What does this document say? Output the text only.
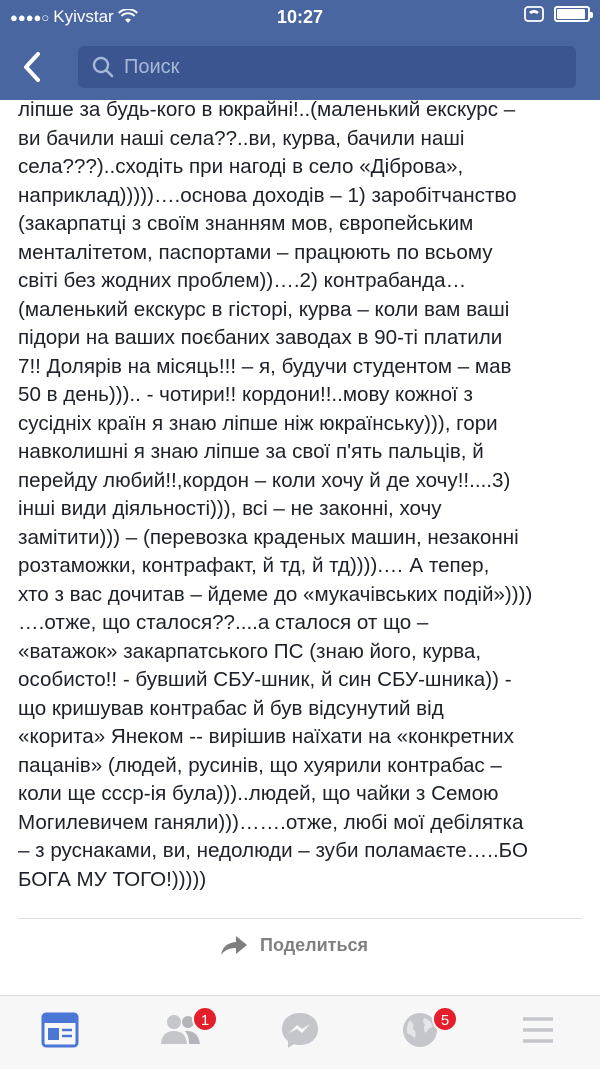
●●●●○ Kyivstar	10:27
Поиск
ліпше за будь-кого в юкрайні!..(маленький екскурс –
ви бачили наші села??..ви, курва, бачили наші
села???)..сходіть при нагоді в село «Діброва»,
наприклад)))))….основа доходів – 1) заробітчанство
(закарпатці з своїм знанням мов, європейським
менталітетом, паспортами – працюють по всьому
світі без жодних проблем))….2) контрабанда…
(маленький екскурс в гісторі, курва – коли вам ваші
підори на ваших поєбаних заводах в 90-ті платили
7!! Долярів на місяць!!! – я, будучи студентом – мав
50 в день))).. - чотири!! кордони!!..мову кожної з
сусідніх країн я знаю ліпше ніж юкраїнську))), гори
навколишні я знаю ліпше за свої п'ять пальців, й
перейду любий!!,кордон – коли хочу й де хочу!!....3)
інші види діяльності))), всі – не законні, хочу
замітити))) – (перевозка краденых машин, незаконні
розтаможки, контрафакт, й тд, й тд)))).… А тепер,
хто з вас дочитав – йдеме до «мукачівських подій»))))
….отже, що сталося??....а сталося от що –
«ватажок» закарпатського ПС (знаю його, курва,
особисто!! - бувший СБУ-шник, й син СБУ-шника)) -
що кришував контрабас й був відсунутий від
«корита» Янеком -- вирішив наїхати на «конкретних
пацанів» (людей, русинів, що хуярили контрабас –
коли ще ссср-ія була)))..людей, що чайки з Семою
Могилевичем ганяли)))…….отже, любі мої дебілятка
– з руснаками, ви, недолюди – зуби поламаєте…..БО
БОГА МУ ТОГО!)))))
Поделиться
1	5
